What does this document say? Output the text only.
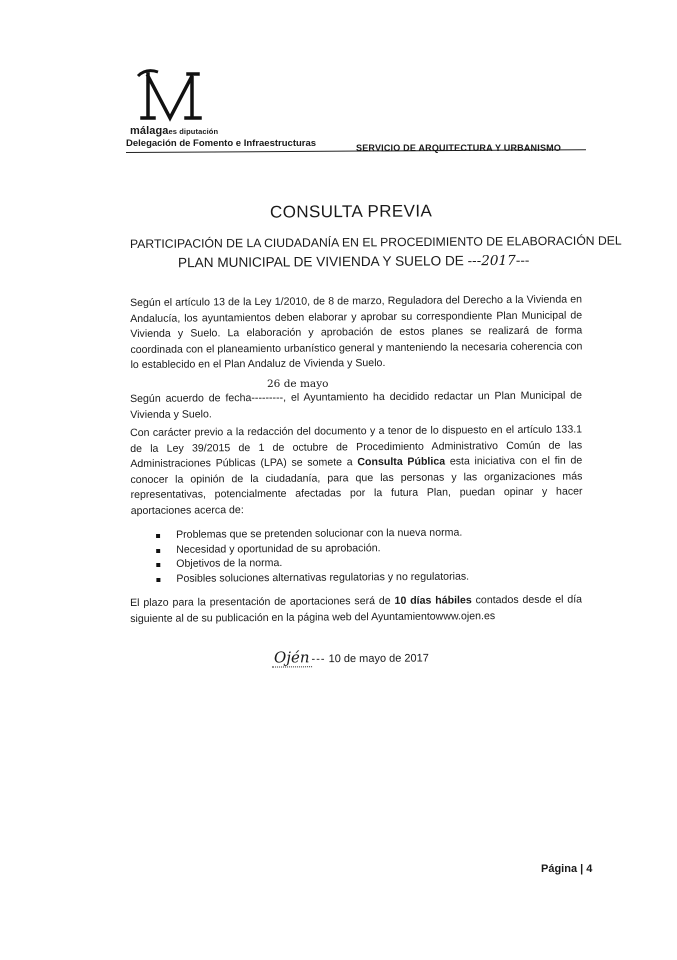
málagaes diputación
Delegación de Fomento e Infraestructuras	SERVICIO DE ARQUITECTURA Y URBANISMO
CONSULTA PREVIA
PARTICIPACIÓN DE LA CIUDADANÍA EN EL PROCEDIMIENTO DE ELABORACIÓN DEL
PLAN MUNICIPAL DE VIVIENDA Y SUELO DE ---2017---
Según el artículo 13 de la Ley 1/2010, de 8 de marzo, Reguladora del Derecho a la Vivienda en Andalucía, los ayuntamientos deben elaborar y aprobar su correspondiente Plan Municipal de Vivienda y Suelo. La elaboración y aprobación de estos planes se realizará de forma coordinada con el planeamiento urbanístico general y manteniendo la necesaria coherencia con lo establecido en el Plan Andaluz de Vivienda y Suelo.
26 de mayo
Según acuerdo de fecha---------, el Ayuntamiento ha decidido redactar un Plan Municipal de Vivienda y Suelo.
Con carácter previo a la redacción del documento y a tenor de lo dispuesto en el artículo 133.1 de la Ley 39/2015 de 1 de octubre de Procedimiento Administrativo Común de las Administraciones Públicas (LPA) se somete a Consulta Pública esta iniciativa con el fin de conocer la opinión de la ciudadanía, para que las personas y las organizaciones más representativas, potencialmente afectadas por la futura Plan, puedan opinar y hacer aportaciones acerca de:
Problemas que se pretenden solucionar con la nueva norma.
Necesidad y oportunidad de su aprobación.
Objetivos de la norma.
Posibles soluciones alternativas regulatorias y no regulatorias.
El plazo para la presentación de aportaciones será de 10 días hábiles contados desde el día siguiente al de su publicación en la página web del Ayuntamientowww.ojen.es
Ojén --- 10 de mayo de 2017
Página | 4
